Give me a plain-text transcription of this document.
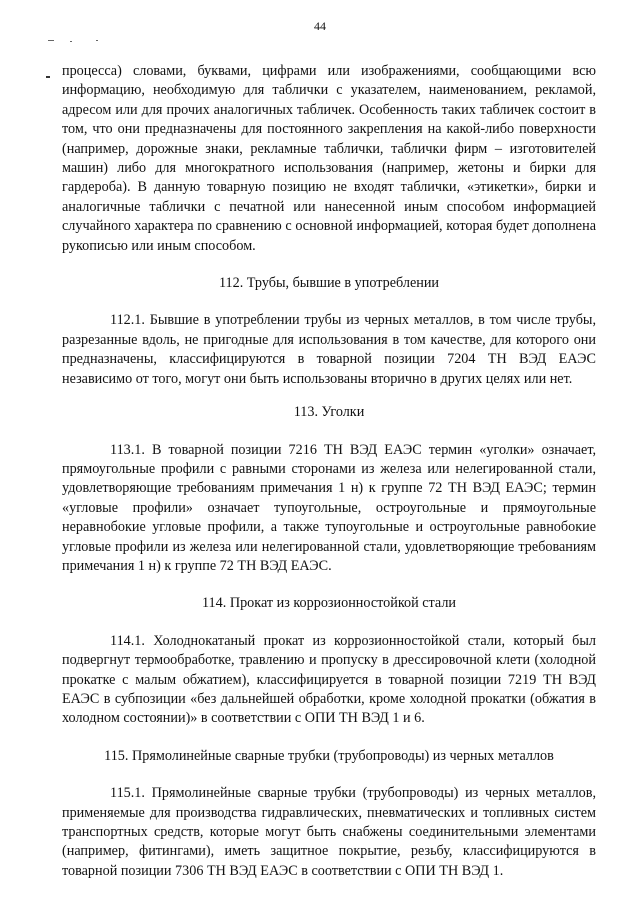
44

процесса) словами, буквами, цифрами или изображениями, сообщающими всю информацию, необходимую для таблички с указателем, наименованием, рекламой, адресом или для прочих аналогичных табличек. Особенность таких табличек состоит в том, что они предназначены для постоянного закрепления на какой-либо поверхности (например, дорожные знаки, рекламные таблички, таблички фирм – изготовителей машин) либо для многократного использования (например, жетоны и бирки для гардероба). В данную товарную позицию не входят таблички, «этикетки», бирки и аналогичные таблички с печатной или нанесенной иным способом информацией случайного характера по сравнению с основной информацией, которая будет дополнена рукописью или иным способом.

112. Трубы, бывшие в употреблении

112.1. Бывшие в употреблении трубы из черных металлов, в том числе трубы, разрезанные вдоль, не пригодные для использования в том качестве, для которого они предназначены, классифицируются в товарной позиции 7204 ТН ВЭД ЕАЭС независимо от того, могут они быть использованы вторично в других целях или нет.

113. Уголки

113.1. В товарной позиции 7216 ТН ВЭД ЕАЭС термин «уголки» означает, прямоугольные профили с равными сторонами из железа или нелегированной стали, удовлетворяющие требованиям примечания 1 н) к группе 72 ТН ВЭД ЕАЭС; термин «угловые профили» означает тупоугольные, остроугольные и прямоугольные неравнобокие угловые профили, а также тупоугольные и остроугольные равнобокие угловые профили из железа или нелегированной стали, удовлетворяющие требованиям примечания 1 н) к группе 72 ТН ВЭД ЕАЭС.

114. Прокат из коррозионностойкой стали

114.1. Холоднокатаный прокат из коррозионностойкой стали, который был подвергнут термообработке, травлению и пропуску в дрессировочной клети (холодной прокатке с малым обжатием), классифицируется в товарной позиции 7219 ТН ВЭД ЕАЭС в субпозиции «без дальнейшей обработки, кроме холодной прокатки (обжатия в холодном состоянии)» в соответствии с ОПИ ТН ВЭД 1 и 6.

115. Прямолинейные сварные трубки (трубопроводы) из черных металлов

115.1. Прямолинейные сварные трубки (трубопроводы) из черных металлов, применяемые для производства гидравлических, пневматических и топливных систем транспортных средств, которые могут быть снабжены соединительными элементами (например, фитингами), иметь защитное покрытие, резьбу, классифицируются в товарной позиции 7306 ТН ВЭД ЕАЭС в соответствии с ОПИ ТН ВЭД 1.
